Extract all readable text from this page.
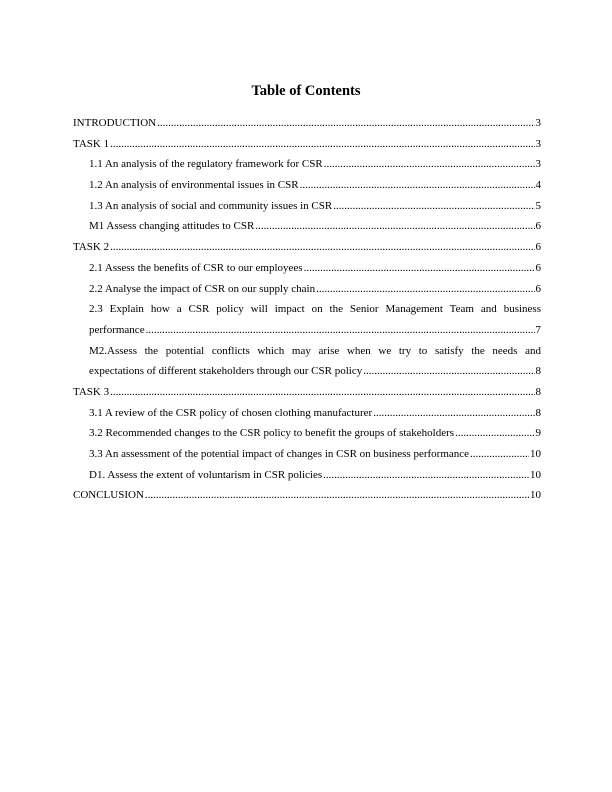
Table of Contents
INTRODUCTION .....	3
TASK 1 .....	3
1.1 An analysis of the regulatory framework for CSR .....	3
1.2 An analysis of environmental issues in CSR .....	4
1.3 An analysis of social and community issues in CSR .....	5
M1 Assess changing attitudes to CSR .....	6
TASK 2 .....	6
2.1 Assess the benefits of CSR to our employees .....	6
2.2 Analyse the impact of CSR on our supply chain .....	6
2.3 Explain how a CSR policy will impact on the Senior Management Team and business
performance .....	7
M2.Assess the potential conflicts which may arise when we try to satisfy the needs and
expectations of different stakeholders through our CSR policy .....	8
TASK 3 .....	8
3.1 A review of the CSR policy of chosen clothing manufacturer .....	8
3.2 Recommended changes to the CSR policy to benefit the groups of stakeholders .....	9
3.3 An assessment of the potential impact of changes in CSR on business performance .....	10
D1. Assess the extent of voluntarism in CSR policies .....	10
CONCLUSION .....	10
